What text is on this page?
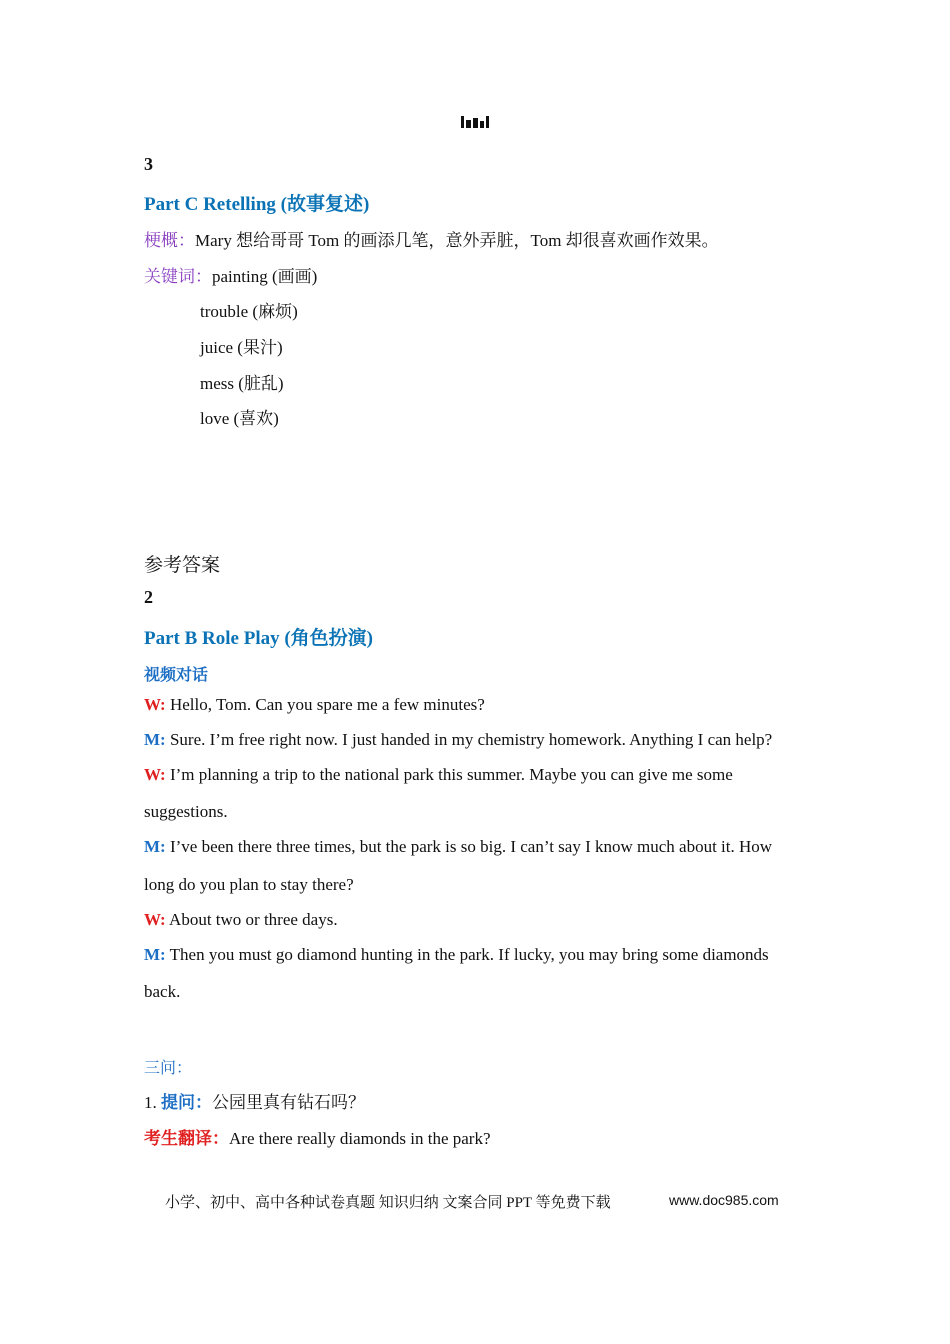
3
Part C Retelling (故事复述)
梗概：Mary 想给哥哥 Tom 的画添几笔，意外弄脏，Tom 却很喜欢画作效果。
关键词：painting (画画)
trouble (麻烦)
juice (果汁)
mess (脏乱)
love (喜欢)
参考答案
2
Part B Role Play (角色扮演)
视频对话
W: Hello, Tom. Can you spare me a few minutes?
M: Sure. I’m free right now. I just handed in my chemistry homework. Anything I can help?
W: I’m planning a trip to the national park this summer. Maybe you can give me some
suggestions.
M: I’ve been there three times, but the park is so big. I can’t say I know much about it. How
long do you plan to stay there?
W: About two or three days.
M: Then you must go diamond hunting in the park. If lucky, you may bring some diamonds
back.
三问：
1. 提问：公园里真有钻石吗？
考生翻译：Are there really diamonds in the park?
小学、初中、高中各种试卷真题 知识归纳 文案合同 PPT 等免费下载	www.doc985.com
